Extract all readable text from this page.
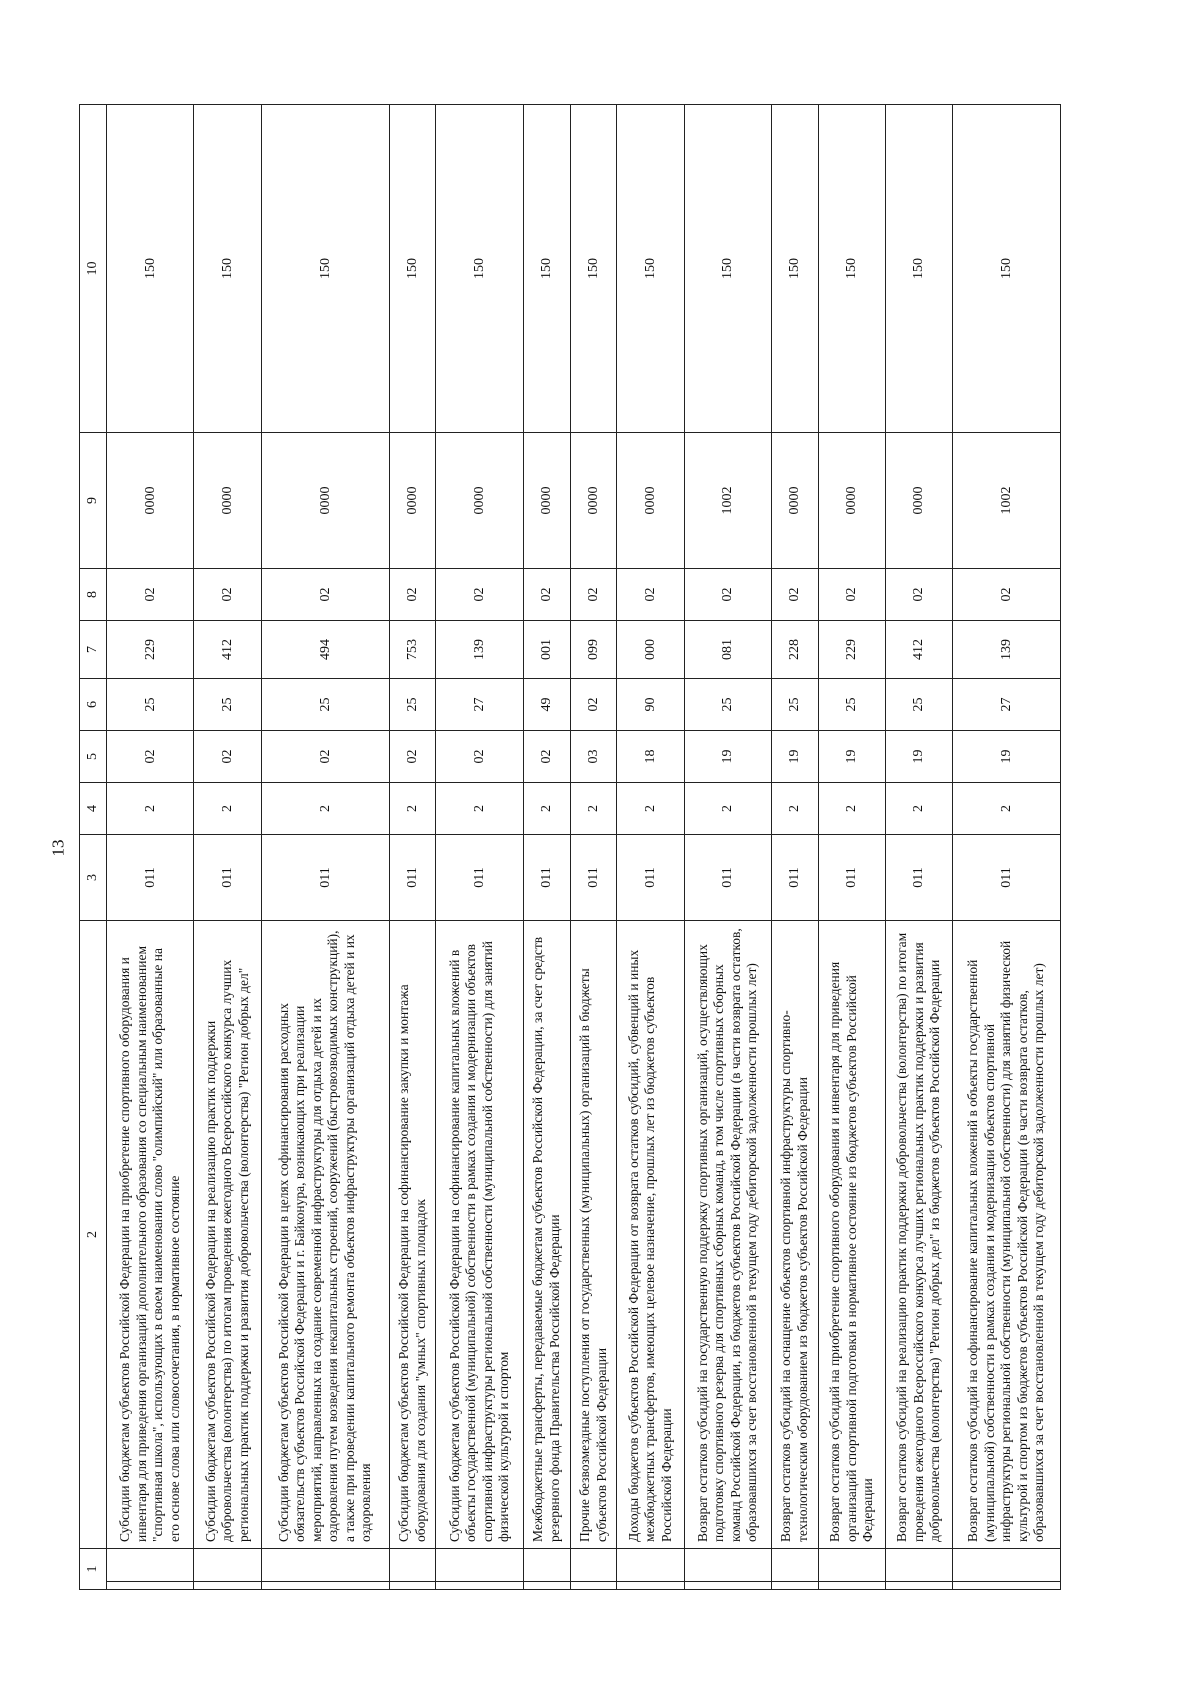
13
1		2	3	4	5	6	7	8	9	10
		Субсидии бюджетам субъектов Российской Федерации на приобретение спортивного оборудования и инвентаря для приведения организаций дополнительного образования со специальным наименованием "спортивная школа", использующих в своем наименовании слово "олимпийский" или образованные на его основе слова или словосочетания, в нормативное состояние	011	2	02	25	229	02	0000	150
		Субсидии бюджетам субъектов Российской Федерации на реализацию практик поддержки добровольчества (волонтерства) по итогам проведения ежегодного Всероссийского конкурса лучших региональных практик поддержки и развития добровольчества (волонтерства) "Регион добрых дел"	011	2	02	25	412	02	0000	150
		Субсидии бюджетам субъектов Российской Федерации в целях софинансирования расходных обязательств субъектов Российской Федерации и г. Байконура, возникающих при реализации мероприятий, направленных на создание современной инфраструктуры для отдыха детей и их оздоровления путем возведения некапитальных строений, сооружений (быстровозводимых конструкций), а также при проведении капитального ремонта объектов инфраструктуры организаций отдыха детей и их оздоровления	011	2	02	25	494	02	0000	150
		Субсидии бюджетам субъектов Российской Федерации на софинансирование закупки и монтажа оборудования для создания "умных" спортивных площадок	011	2	02	25	753	02	0000	150
		Субсидии бюджетам субъектов Российской Федерации на софинансирование капитальных вложений в объекты государственной (муниципальной) собственности в рамках создания и модернизации объектов спортивной инфраструктуры региональной собственности (муниципальной собственности) для занятий физической культурой и спортом	011	2	02	27	139	02	0000	150
		Межбюджетные трансферты, передаваемые бюджетам субъектов Российской Федерации, за счет средств резервного фонда Правительства Российской Федерации	011	2	02	49	001	02	0000	150
		Прочие безвозмездные поступления от государственных (муниципальных) организаций в бюджеты субъектов Российской Федерации	011	2	03	02	099	02	0000	150
		Доходы бюджетов субъектов Российской Федерации от возврата остатков субсидий, субвенций и иных межбюджетных трансфертов, имеющих целевое назначение, прошлых лет из бюджетов субъектов Российской Федерации	011	2	18	90	000	02	0000	150
		Возврат остатков субсидий на государственную поддержку спортивных организаций, осуществляющих подготовку спортивного резерва для спортивных сборных команд, в том числе спортивных сборных команд Российской Федерации, из бюджетов субъектов Российской Федерации (в части возврата остатков, образовавшихся за счет восстановленной в текущем году дебиторской задолженности прошлых лет)	011	2	19	25	081	02	1002	150
		Возврат остатков субсидий на оснащение объектов спортивной инфраструктуры спортивно-технологическим оборудованием из бюджетов субъектов Российской Федерации	011	2	19	25	228	02	0000	150
		Возврат остатков субсидий на приобретение спортивного оборудования и инвентаря для приведения организаций спортивной подготовки в нормативное состояние из бюджетов субъектов Российской Федерации	011	2	19	25	229	02	0000	150
		Возврат остатков субсидий на реализацию практик поддержки добровольчества (волонтерства) по итогам проведения ежегодного Всероссийского конкурса лучших региональных практик поддержки и развития добровольчества (волонтерства) "Регион добрых дел" из бюджетов субъектов Российской Федерации	011	2	19	25	412	02	0000	150
		Возврат остатков субсидий на софинансирование капитальных вложений в объекты государственной (муниципальной) собственности в рамках создания и модернизации объектов спортивной инфраструктуры региональной собственности (муниципальной собственности) для занятий физической культурой и спортом из бюджетов субъектов Российской Федерации (в части возврата остатков, образовавшихся за счет восстановленной в текущем году дебиторской задолженности прошлых лет)	011	2	19	27	139	02	1002	150
